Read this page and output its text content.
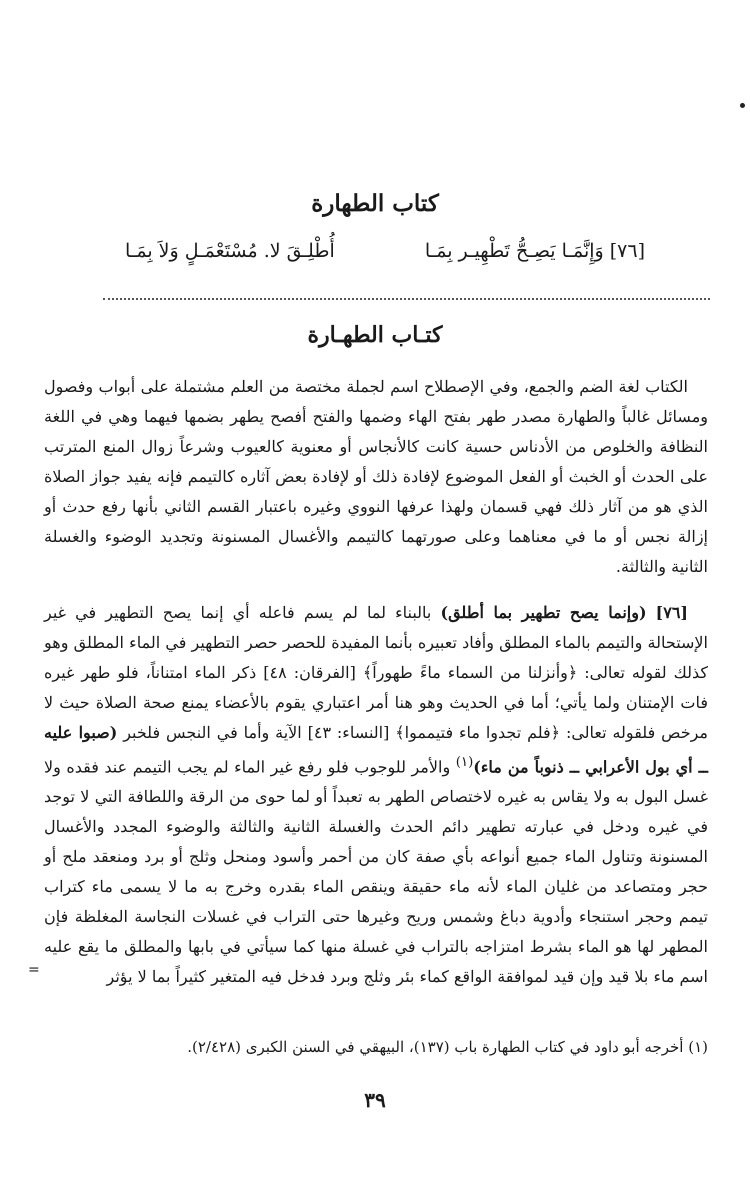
كتاب الطهارة
[٧٦] وَإِنَّمَـا يَصِـحُّ تَطْهِيـر بِمَـا
أُطْلِـقَ لا. مُسْتَعْمَـلٍ وَلاَ بِمَـا
كتـاب الطهـارة
الكتاب لغة الضم والجمع، وفي الإصطلاح اسم لجملة مختصة من العلم مشتملة على أبواب وفصول ومسائل غالباً والطهارة مصدر طهر بفتح الهاء وضمها والفتح أفصح يطهر بضمها فيهما وهي في اللغة النظافة والخلوص من الأدناس حسية كانت كالأنجاس أو معنوية كالعيوب وشرعاً زوال المنع المترتب على الحدث أو الخبث أو الفعل الموضوع لإفادة ذلك أو لإفادة بعض آثاره كالتيمم فإنه يفيد جواز الصلاة الذي هو من آثار ذلك فهي قسمان ولهذا عرفها النووي وغيره باعتبار القسم الثاني بأنها رفع حدث أو إزالة نجس أو ما في معناهما وعلى صورتهما كالتيمم والأغسال المسنونة وتجديد الوضوء والغسلة الثانية والثالثة.
[٧٦] (وإنما يصح تطهير بما أطلق) بالبناء لما لم يسم فاعله أي إنما يصح التطهير في غير الإستحالة والتيمم بالماء المطلق وأفاد تعبيره بأنما المفيدة للحصر حصر التطهير في الماء المطلق وهو كذلك لقوله تعالى: ﴿وأنزلنا من السماء ماءً طهوراً﴾ [الفرقان: ٤٨] ذكر الماء امتناناً، فلو طهر غيره فات الإمتنان ولما يأتي؛ أما في الحديث وهو هنا أمر اعتباري يقوم بالأعضاء يمنع صحة الصلاة حيث لا مرخص فلقوله تعالى: ﴿فلم تجدوا ماء فتيمموا﴾ [النساء: ٤٣] الآية وأما في النجس فلخبر (صبوا عليه ــ أي بول الأعرابي ــ ذنوباً من ماء)$^{(١)}$ والأمر للوجوب فلو رفع غير الماء لم يجب التيمم عند فقده ولا غسل البول به ولا يقاس به غيره لاختصاص الطهر به تعبداً أو لما حوى من الرقة واللطافة التي لا توجد في غيره ودخل في عبارته تطهير دائم الحدث والغسلة الثانية والثالثة والوضوء المجدد والأغسال المسنونة وتناول الماء جميع أنواعه بأي صفة كان من أحمر وأسود ومنحل وثلج أو برد ومنعقد ملح أو حجر ومتصاعد من غليان الماء لأنه ماء حقيقة وينقص الماء بقدره وخرج به ما لا يسمى ماء كتراب تيمم وحجر استنجاء وأدوية دباغ وشمس وريح وغيرها حتى التراب في غسلات النجاسة المغلظة فإن المطهر لها هو الماء بشرط امتزاجه بالتراب في غسلة منها كما سيأتي في بابها والمطلق ما يقع عليه اسم ماء بلا قيد وإن قيد لموافقة الواقع كماء بئر وثلج وبرد فدخل فيه المتغير كثيراً بما لا يؤثر
=
(١) أخرجه أبو داود في كتاب الطهارة باب (١٣٧)، البيهقي في السنن الكبرى (٢/٤٢٨).
٣٩
